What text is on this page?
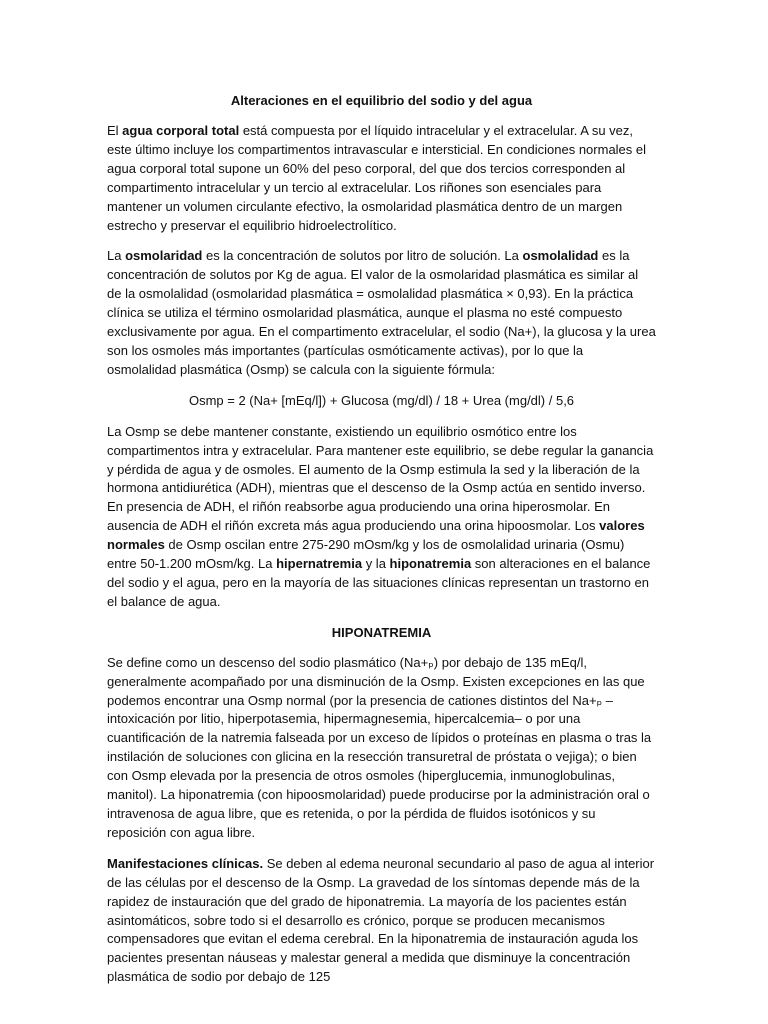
Alteraciones en el equilibrio del sodio y del agua

El agua corporal total está compuesta por el líquido intracelular y el extracelular. A su vez, este último incluye los compartimentos intravascular e intersticial. En condiciones normales el agua corporal total supone un 60% del peso corporal, del que dos tercios corresponden al compartimento intracelular y un tercio al extracelular. Los riñones son esenciales para mantener un volumen circulante efectivo, la osmolaridad plasmática dentro de un margen estrecho y preservar el equilibrio hidroelectrolítico.

La osmolaridad es la concentración de solutos por litro de solución. La osmolalidad es la concentración de solutos por Kg de agua. El valor de la osmolaridad plasmática es similar al de la osmolalidad (osmolaridad plasmática = osmolalidad plasmática × 0,93). En la práctica clínica se utiliza el término osmolaridad plasmática, aunque el plasma no esté compuesto exclusivamente por agua. En el compartimento extracelular, el sodio (Na+), la glucosa y la urea son los osmoles más importantes (partículas osmóticamente activas), por lo que la osmolalidad plasmática (Osmp) se calcula con la siguiente fórmula:

Osmp = 2 (Na+ [mEq/l]) + Glucosa (mg/dl) / 18 + Urea (mg/dl) / 5,6

La Osmp se debe mantener constante, existiendo un equilibrio osmótico entre los compartimentos intra y extracelular. Para mantener este equilibrio, se debe regular la ganancia y pérdida de agua y de osmoles. El aumento de la Osmp estimula la sed y la liberación de la hormona antidiurética (ADH), mientras que el descenso de la Osmp actúa en sentido inverso. En presencia de ADH, el riñón reabsorbe agua produciendo una orina hiperosmolar. En ausencia de ADH el riñón excreta más agua produciendo una orina hipoosmolar. Los valores normales de Osmp oscilan entre 275-290 mOsm/kg y los de osmolalidad urinaria (Osmu) entre 50-1.200 mOsm/kg. La hipernatremia y la hiponatremia son alteraciones en el balance del sodio y el agua, pero en la mayoría de las situaciones clínicas representan un trastorno en el balance de agua.

HIPONATREMIA

Se define como un descenso del sodio plasmático (Na+ₚ) por debajo de 135 mEq/l, generalmente acompañado por una disminución de la Osmp. Existen excepciones en las que podemos encontrar una Osmp normal (por la presencia de cationes distintos del Na+ₚ –intoxicación por litio, hiperpotasemia, hipermagnesemia, hipercalcemia– o por una cuantificación de la natremia falseada por un exceso de lípidos o proteínas en plasma o tras la instilación de soluciones con glicina en la resección transuretral de próstata o vejiga); o bien con Osmp elevada por la presencia de otros osmoles (hiperglucemia, inmunoglobulinas, manitol). La hiponatremia (con hipoosmolaridad) puede producirse por la administración oral o intravenosa de agua libre, que es retenida, o por la pérdida de fluidos isotónicos y su reposición con agua libre.

Manifestaciones clínicas. Se deben al edema neuronal secundario al paso de agua al interior de las células por el descenso de la Osmp. La gravedad de los síntomas depende más de la rapidez de instauración que del grado de hiponatremia. La mayoría de los pacientes están asintomáticos, sobre todo si el desarrollo es crónico, porque se producen mecanismos compensadores que evitan el edema cerebral. En la hiponatremia de instauración aguda los pacientes presentan náuseas y malestar general a medida que disminuye la concentración plasmática de sodio por debajo de 125
